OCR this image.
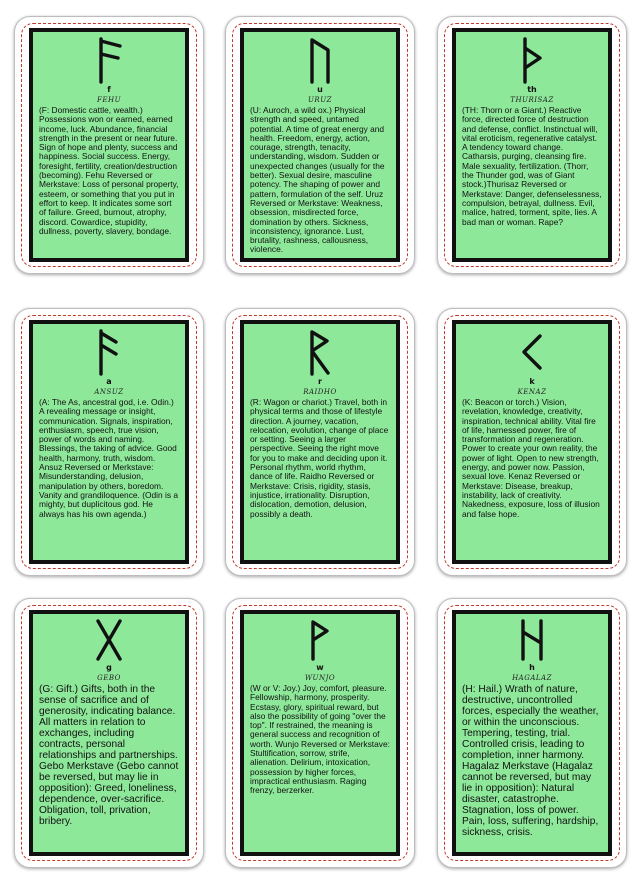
f
FEHU
(F: Domestic cattle, wealth.) Possessions won or earned, earned income, luck. Abundance, financial strength in the present or near future. Sign of hope and plenty, success and happiness. Social success. Energy, foresight, fertility, creation/destruction (becoming). Fehu Reversed or Merkstave: Loss of personal property, esteem, or something that you put in effort to keep. It indicates some sort of failure. Greed, burnout, atrophy, discord. Cowardice, stupidity, dullness, poverty, slavery, bondage.
u
URUZ
(U: Auroch, a wild ox.) Physical strength and speed, untamed potential. A time of great energy and health. Freedom, energy, action, courage, strength, tenacity, understanding, wisdom. Sudden or unexpected changes (usually for the better). Sexual desire, masculine potency. The shaping of power and pattern, formulation of the self. Uruz Reversed or Merkstave: Weakness, obsession, misdirected force, domination by others. Sickness, inconsistency, ignorance. Lust, brutality, rashness, callousness, violence.
th
THURISAZ
(TH: Thorn or a Giant.) Reactive force, directed force of destruction and defense, conflict. Instinctual will, vital eroticism, regenerative catalyst. A tendency toward change. Catharsis, purging, cleansing fire. Male sexuality, fertilization. (Thorr, the Thunder god, was of Giant stock.)Thurisaz Reversed or Merkstave: Danger, defenselessness, compulsion, betrayal, dullness. Evil, malice, hatred, torment, spite, lies. A bad man or woman. Rape?
a
ANSUZ
(A: The As, ancestral god, i.e. Odin.) A revealing message or insight, communication. Signals, inspiration, enthusiasm, speech, true vision, power of words and naming. Blessings, the taking of advice. Good health, harmony, truth, wisdom. Ansuz Reversed or Merkstave: Misunderstanding, delusion, manipulation by others, boredom. Vanity and grandiloquence. (Odin is a mighty, but duplicitous god. He always has his own agenda.)
r
RAIDHO
(R: Wagon or chariot.) Travel, both in physical terms and those of lifestyle direction. A journey, vacation, relocation, evolution, change of place or setting. Seeing a larger perspective. Seeing the right move for you to make and deciding upon it. Personal rhythm, world rhythm, dance of life. Raidho Reversed or Merkstave: Crisis, rigidity, stasis, injustice, irrationality. Disruption, dislocation, demotion, delusion, possibly a death.
k
KENAZ
(K: Beacon or torch.) Vision, revelation, knowledge, creativity, inspiration, technical ability. Vital fire of life, harnessed power, fire of transformation and regeneration. Power to create your own reality, the power of light. Open to new strength, energy, and power now. Passion, sexual love. Kenaz Reversed or Merkstave: Disease, breakup, instability, lack of creativity. Nakedness, exposure, loss of illusion and false hope.
g
GEBO
(G: Gift.) Gifts, both in the sense of sacrifice and of generosity, indicating balance. All matters in relation to exchanges, including contracts, personal relationships and partnerships. Gebo Merkstave (Gebo cannot be reversed, but may lie in opposition): Greed, loneliness, dependence, over-sacrifice. Obligation, toll, privation, bribery.
w
WUNJO
(W or V: Joy.) Joy, comfort, pleasure. Fellowship, harmony, prosperity. Ecstasy, glory, spiritual reward, but also the possibility of going "over the top". If restrained, the meaning is general success and recognition of worth. Wunjo Reversed or Merkstave: Stultification, sorrow, strife, alienation. Delirium, intoxication, possession by higher forces, impractical enthusiasm. Raging frenzy, berzerker.
h
HAGALAZ
(H: Hail.) Wrath of nature, destructive, uncontrolled forces, especially the weather, or within the unconscious. Tempering, testing, trial. Controlled crisis, leading to completion, inner harmony. Hagalaz Merkstave (Hagalaz cannot be reversed, but may lie in opposition): Natural disaster, catastrophe. Stagnation, loss of power. Pain, loss, suffering, hardship, sickness, crisis.
